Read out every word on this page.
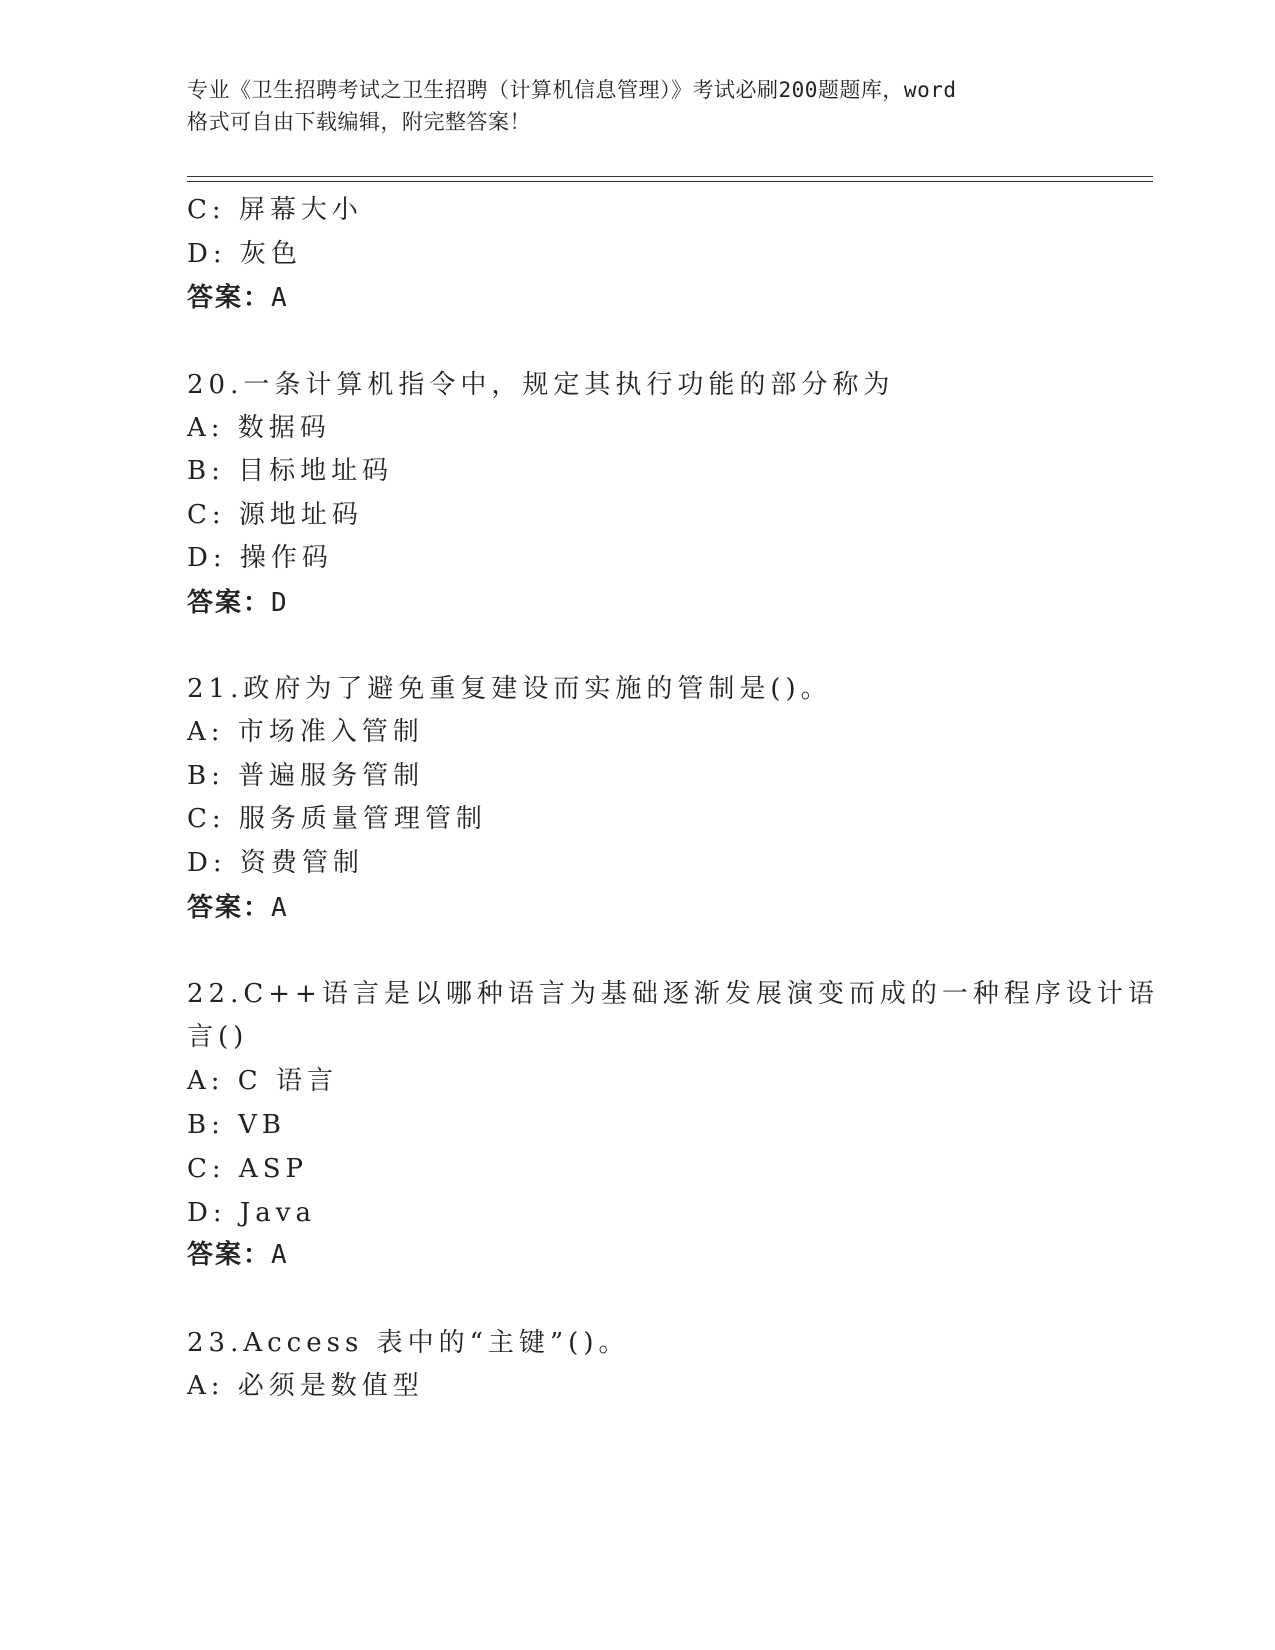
专业《卫生招聘考试之卫生招聘（计算机信息管理）》考试必刷200题题库，word
格式可自由下载编辑，附完整答案！
C: 屏幕大小
D: 灰色
答案：A
20.一条计算机指令中，规定其执行功能的部分称为
A: 数据码
B: 目标地址码
C: 源地址码
D: 操作码
答案：D
21.政府为了避免重复建设而实施的管制是()。
A: 市场准入管制
B: 普遍服务管制
C: 服务质量管理管制
D: 资费管制
答案：A
22.C++语言是以哪种语言为基础逐渐发展演变而成的一种程序设计语
言()
A: C 语言
B: VB
C: ASP
D: Java
答案：A
23.Access 表中的“主键”()。
A: 必须是数值型
